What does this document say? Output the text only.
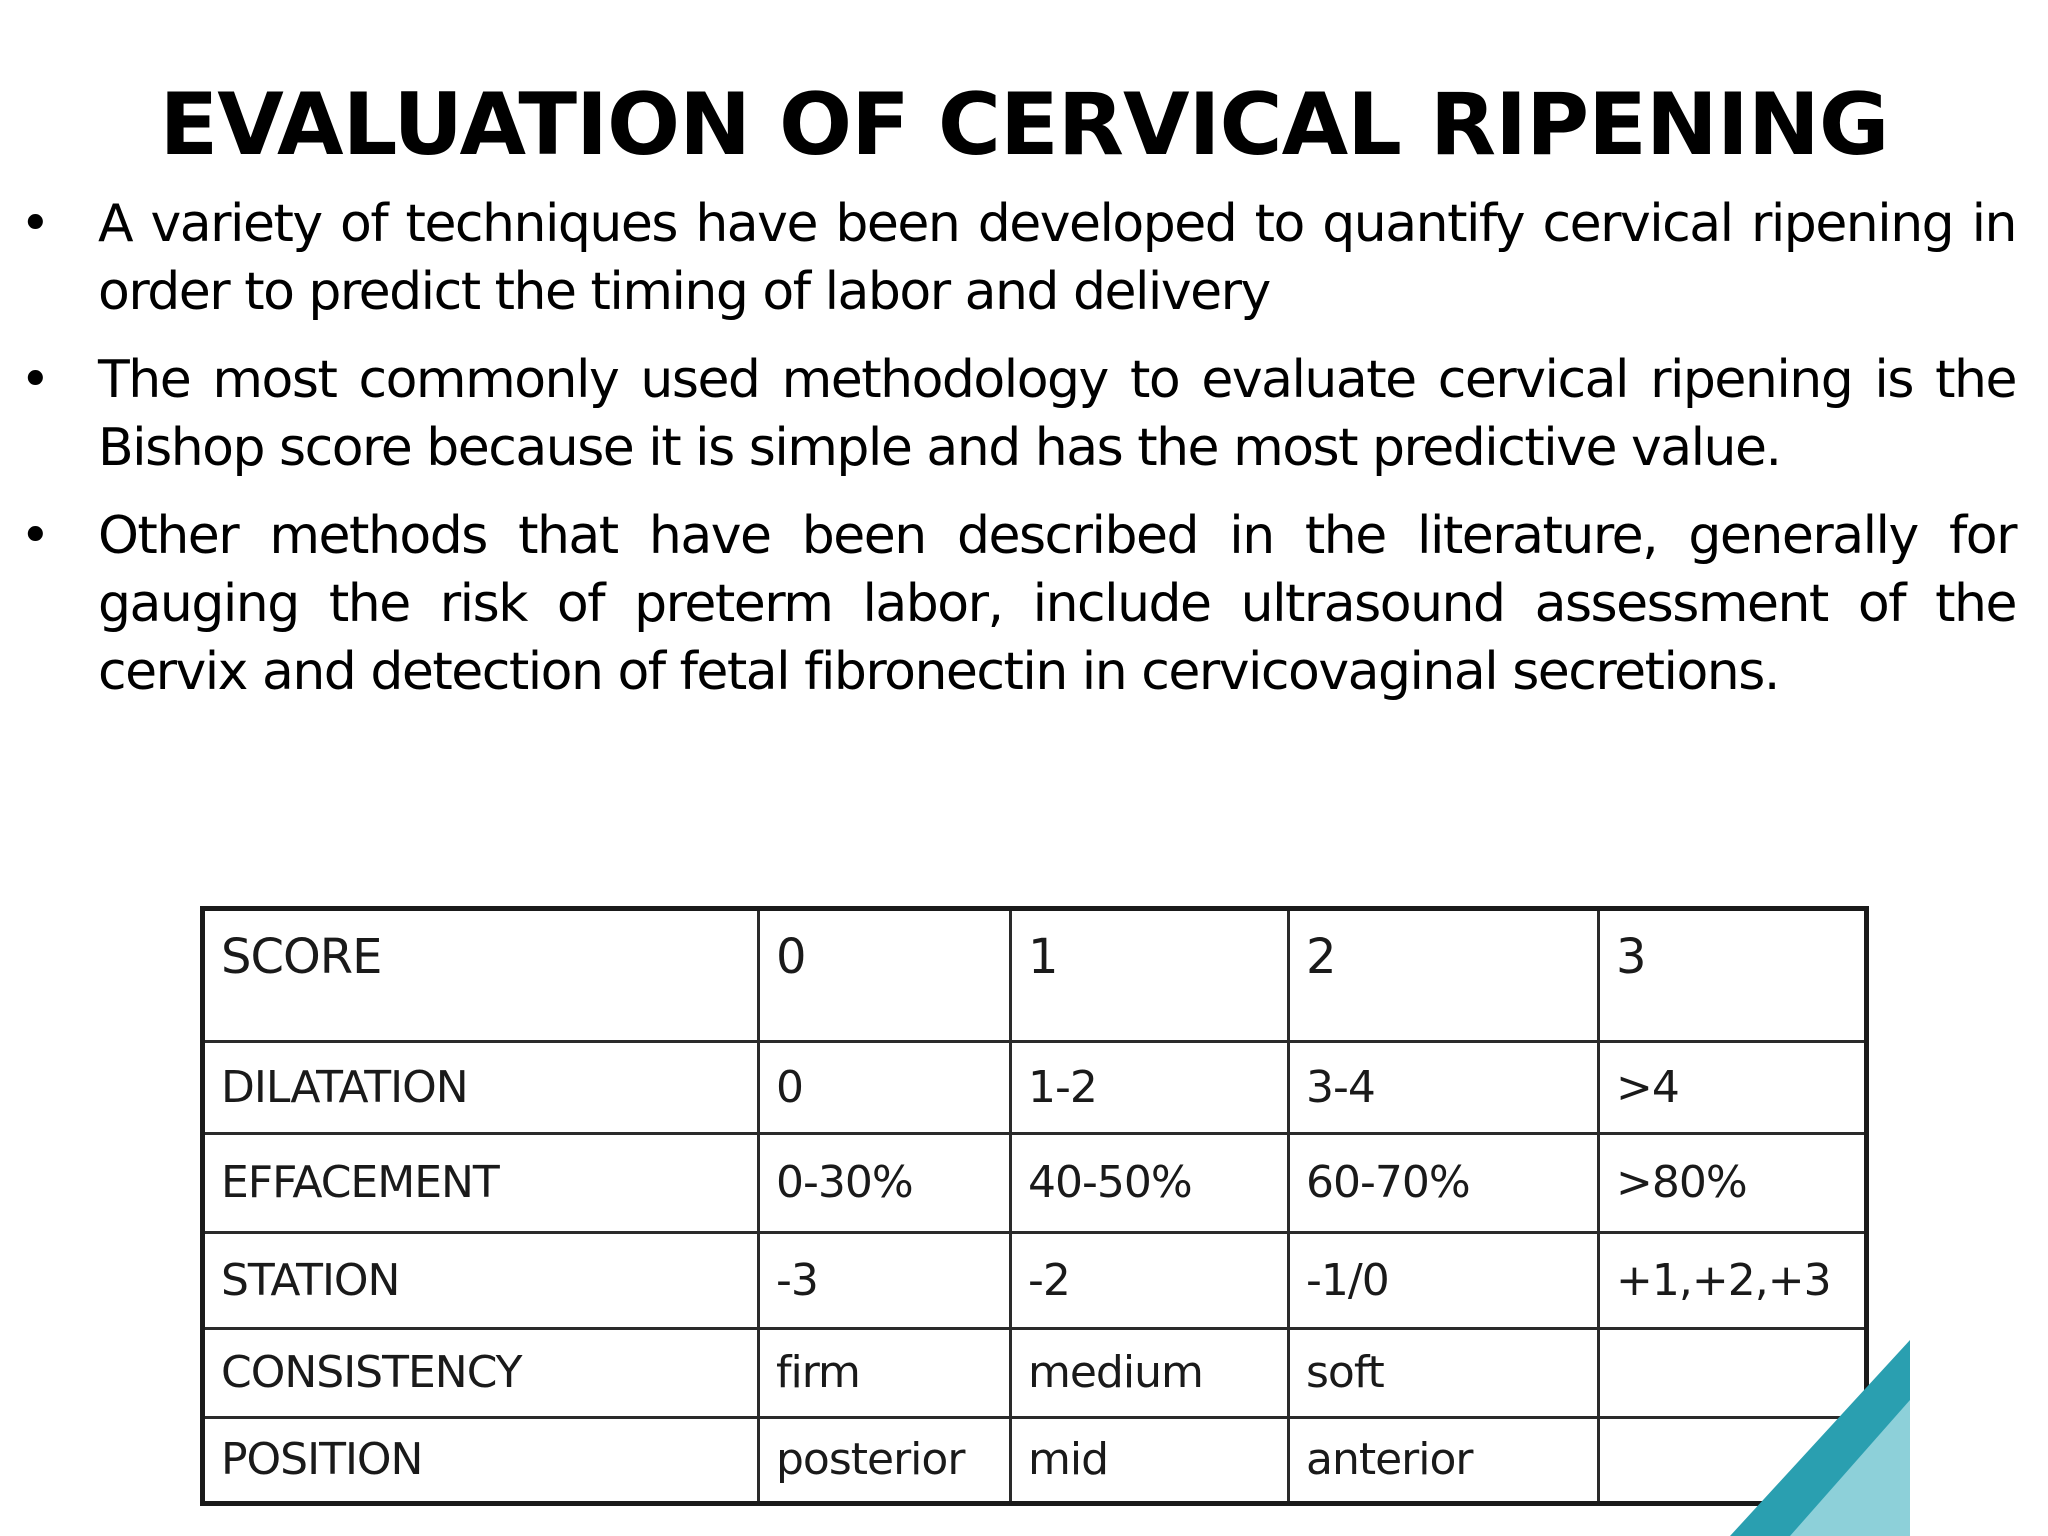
EVALUATION OF CERVICAL RIPENING
• A variety of techniques have been developed to quantify cervical ripening in order to predict the timing of labor and delivery
• The most commonly used methodology to evaluate cervical ripening is the Bishop score because it is simple and has the most predictive value.
• Other methods that have been described in the literature, generally for gauging the risk of preterm labor, include ultrasound assessment of the cervix and detection of fetal fibronectin in cervicovaginal secretions.
SCORE	0	1	2	3
DILATATION	0	1-2	3-4	>4
EFFACEMENT	0-30%	40-50%	60-70%	>80%
STATION	-3	-2	-1/0	+1,+2,+3
CONSISTENCY	firm	medium	soft	
POSITION	posterior	mid	anterior	
